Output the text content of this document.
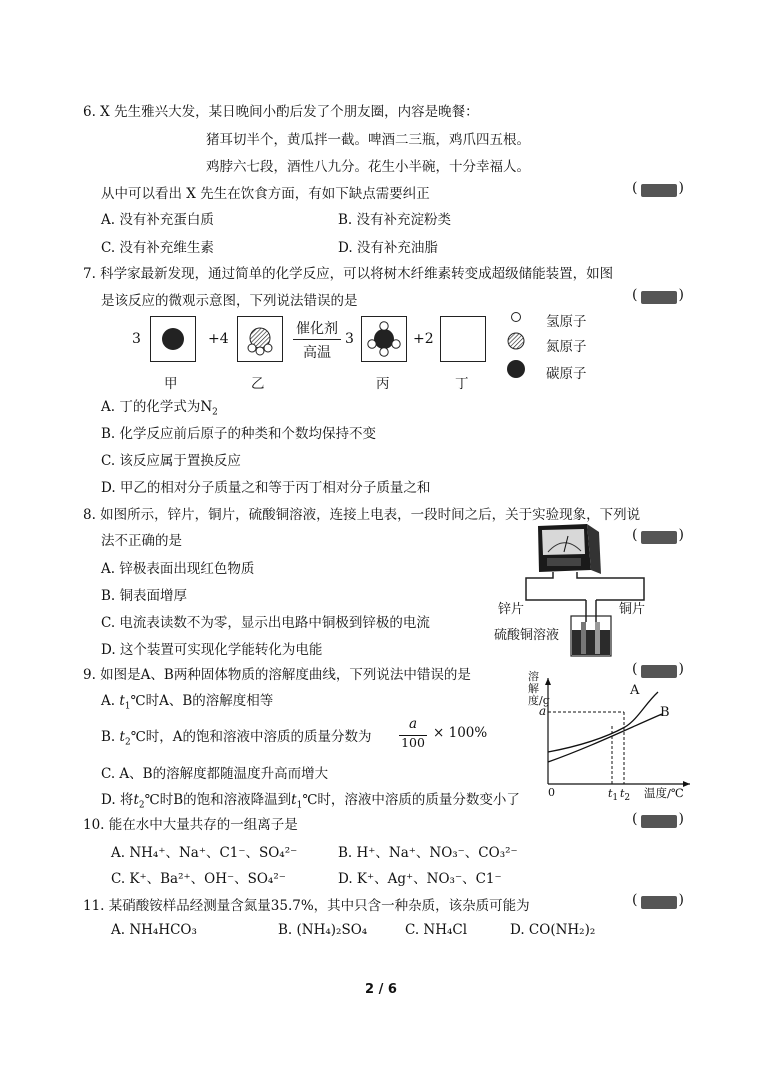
6. X 先生雅兴大发，某日晚间小酌后发了个朋友圈，内容是晚餐：
猪耳切半个，黄瓜拌一截。啤酒二三瓶，鸡爪四五根。
鸡脖六七段，酒性八九分。花生小半碗，十分幸福人。
从中可以看出 X 先生在饮食方面，有如下缺点需要纠正	(	)
A. 没有补充蛋白质	B. 没有补充淀粉类
C. 没有补充维生素	D. 没有补充油脂
7. 科学家最新发现，通过简单的化学反应，可以将树木纤维素转变成超级储能装置，如图
是该反应的微观示意图，下列说法错误的是	(	)
3
甲
+4
乙
催化剂
高温
3
丙
+2
丁
氢原子
氮原子
碳原子
A. 丁的化学式为$N_2$
B. 化学反应前后原子的种类和个数均保持不变
C. 该反应属于置换反应
D. 甲乙的相对分子质量之和等于丙丁相对分子质量之和
8. 如图所示，锌片，铜片，硫酸铜溶液，连接上电表，一段时间之后，关于实验现象，下列说
法不正确的是	(	)
A. 锌极表面出现红色物质
B. 铜表面增厚
C. 电流表读数不为零，显示出电路中铜极到锌极的电流
D. 这个装置可实现化学能转化为电能
锌片	铜片
硫酸铜溶液
9. 如图是A、B两种固体物质的溶解度曲线，下列说法中错误的是	(	)
A. $t_1℃$时A、B的溶解度相等
B. $t_2℃$时，A的饱和溶液中溶质的质量分数为
a
100
× 100%
C. A、B的溶解度都随温度升高而增大
D. 将$t_2℃$时B的饱和溶液降温到$t_1℃$时，溶液中溶质的质量分数变小了
溶解度/g
a
A
B
0	$t_1$ $t_2$ 温度/℃
10. 能在水中大量共存的一组离子是	(	)
A. NH₄⁺、Na⁺、C1⁻、SO₄²⁻	B. H⁺、Na⁺、NO₃⁻、CO₃²⁻
C. K⁺、Ba²⁺、OH⁻、SO₄²⁻	D. K⁺、Ag⁺、NO₃⁻、C1⁻
11. 某硝酸铵样品经测量含氮量35.7%，其中只含一种杂质，该杂质可能为	(	)
A. NH₄HCO₃	B. (NH₄)₂SO₄	C. NH₄Cl	D. CO(NH₂)₂
2 / 6
